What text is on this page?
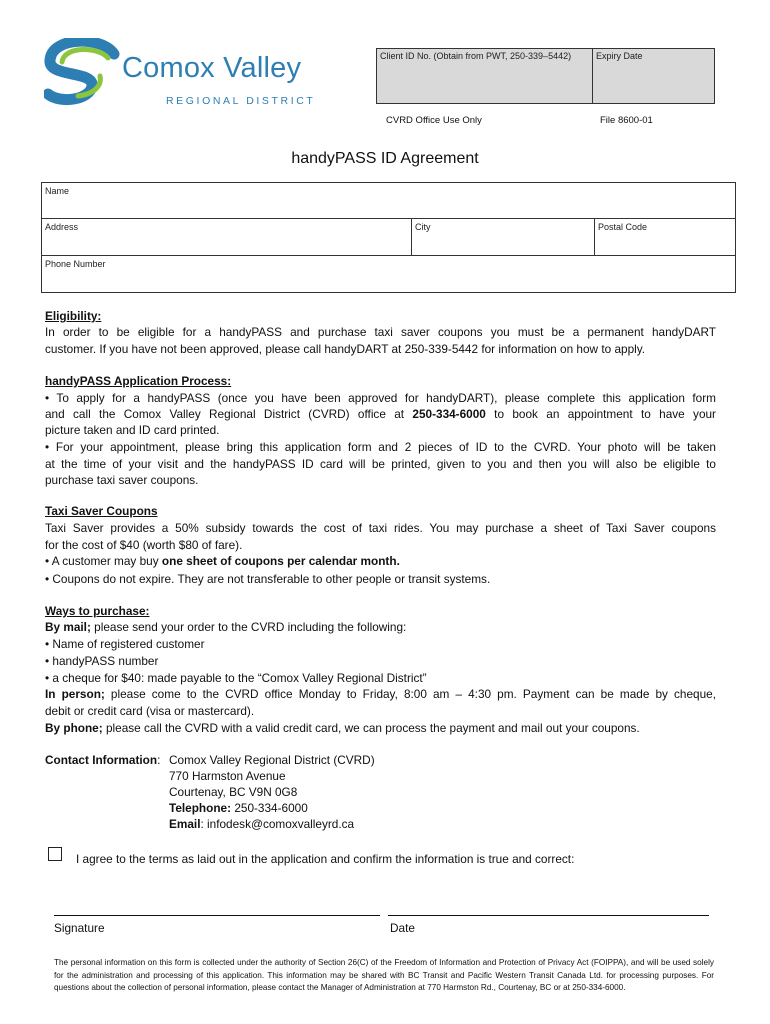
Comox Valley
REGIONAL DISTRICT
Client ID No. (Obtain from PWT, 250-339–5442)	Expiry Date
CVRD Office Use Only	File 8600-01
handyPASS ID Agreement
Name
Address	City	Postal Code
Phone Number
Eligibility:
In order to be eligible for a handyPASS and purchase taxi saver coupons you must be a permanent handyDART
customer. If you have not been approved, please call handyDART at 250-339-5442 for information on how to apply.
handyPASS Application Process:
• To apply for a handyPASS (once you have been approved for handyDART), please complete this application form
and call the Comox Valley Regional District (CVRD) office at 250-334-6000 to book an appointment to have your
picture taken and ID card printed.
• For your appointment, please bring this application form and 2 pieces of ID to the CVRD. Your photo will be taken
at the time of your visit and the handyPASS ID card will be printed, given to you and then you will also be eligible to
purchase taxi saver coupons.
Taxi Saver Coupons
Taxi Saver provides a 50% subsidy towards the cost of taxi rides. You may purchase a sheet of Taxi Saver coupons
for the cost of $40 (worth $80 of fare).
• A customer may buy one sheet of coupons per calendar month.
• Coupons do not expire. They are not transferable to other people or transit systems.
Ways to purchase:
By mail; please send your order to the CVRD including the following:
• Name of registered customer
• handyPASS number
• a cheque for $40: made payable to the “Comox Valley Regional District”
In person; please come to the CVRD office Monday to Friday, 8:00 am – 4:30 pm. Payment can be made by cheque,
debit or credit card (visa or mastercard).
By phone; please call the CVRD with a valid credit card, we can process the payment and mail out your coupons.
Contact Information: Comox Valley Regional District (CVRD)
770 Harmston Avenue
Courtenay, BC V9N 0G8
Telephone: 250-334-6000
Email: infodesk@comoxvalleyrd.ca
I agree to the terms as laid out in the application and confirm the information is true and correct:
Signature	Date
The personal information on this form is collected under the authority of Section 26(C) of the Freedom of Information and Protection of Privacy Act (FOIPPA), and will be used solely for the administration and processing of this application. This information may be shared with BC Transit and Pacific Western Transit Canada Ltd. for processing purposes. For questions about the collection of personal information, please contact the Manager of Administration at 770 Harmston Rd., Courtenay, BC or at 250-334-6000.
